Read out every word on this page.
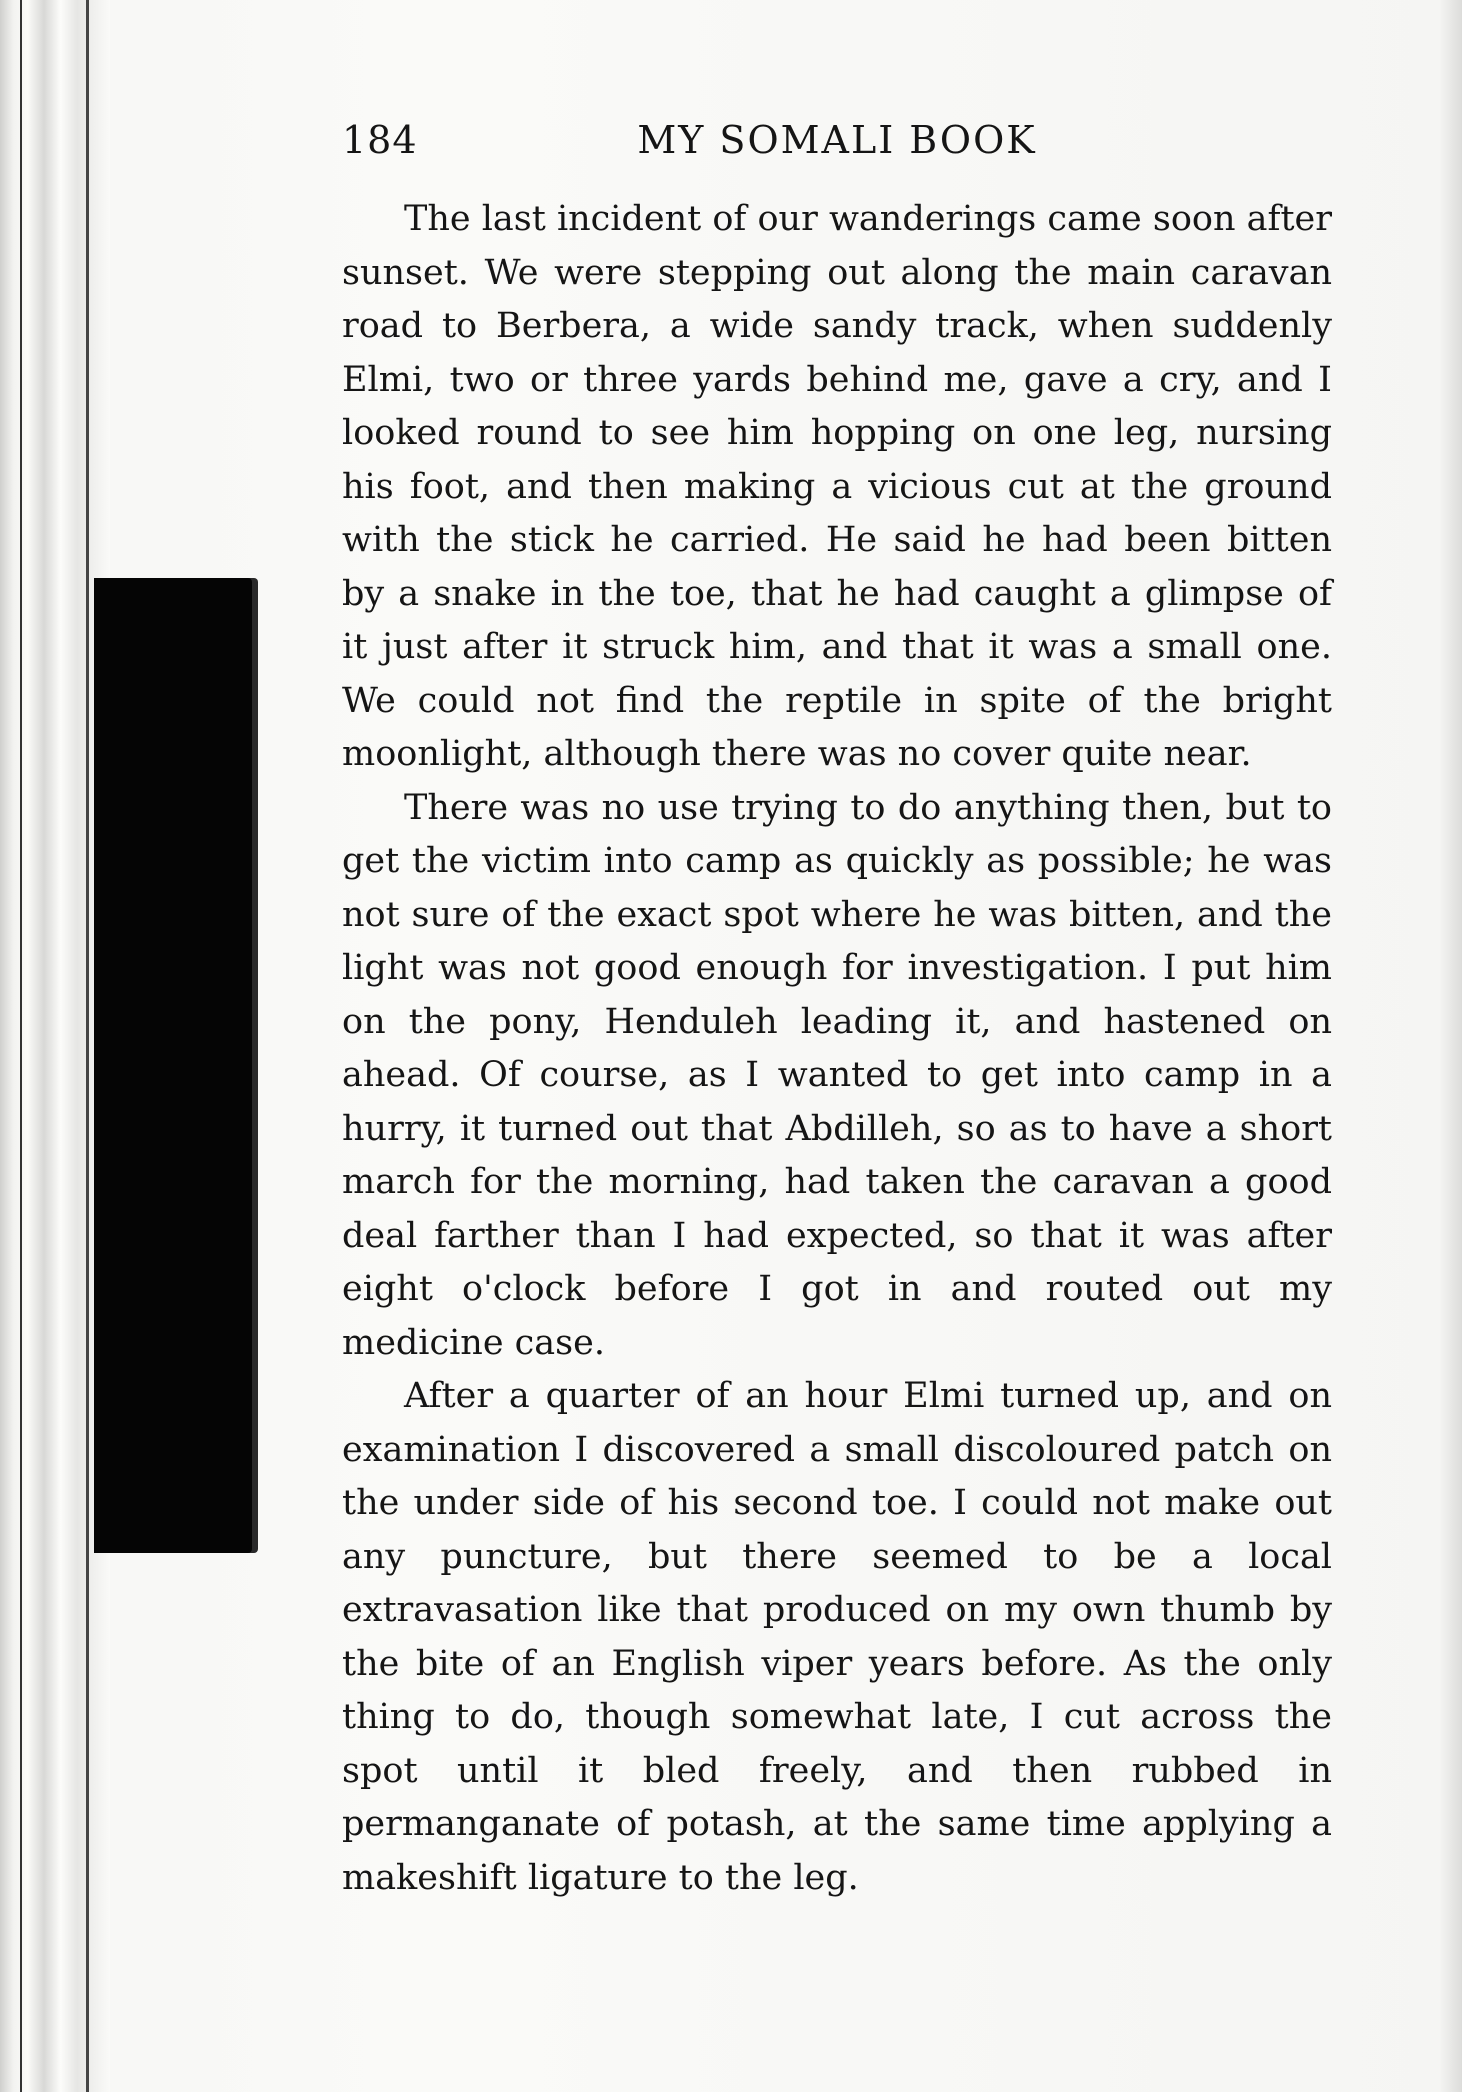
184	MY SOMALI BOOK

The last incident of our wanderings came soon after sunset. We were stepping out along the main caravan road to Berbera, a wide sandy track, when suddenly Elmi, two or three yards behind me, gave a cry, and I looked round to see him hopping on one leg, nursing his foot, and then making a vicious cut at the ground with the stick he carried. He said he had been bitten by a snake in the toe, that he had caught a glimpse of it just after it struck him, and that it was a small one. We could not find the reptile in spite of the bright moonlight, although there was no cover quite near.

There was no use trying to do anything then, but to get the victim into camp as quickly as possible; he was not sure of the exact spot where he was bitten, and the light was not good enough for investigation. I put him on the pony, Henduleh leading it, and hastened on ahead. Of course, as I wanted to get into camp in a hurry, it turned out that Abdilleh, so as to have a short march for the morning, had taken the caravan a good deal farther than I had expected, so that it was after eight o'clock before I got in and routed out my medicine case.

After a quarter of an hour Elmi turned up, and on examination I discovered a small discoloured patch on the under side of his second toe. I could not make out any puncture, but there seemed to be a local extravasation like that produced on my own thumb by the bite of an English viper years before. As the only thing to do, though somewhat late, I cut across the spot until it bled freely, and then rubbed in permanganate of potash, at the same time applying a makeshift ligature to the leg.
